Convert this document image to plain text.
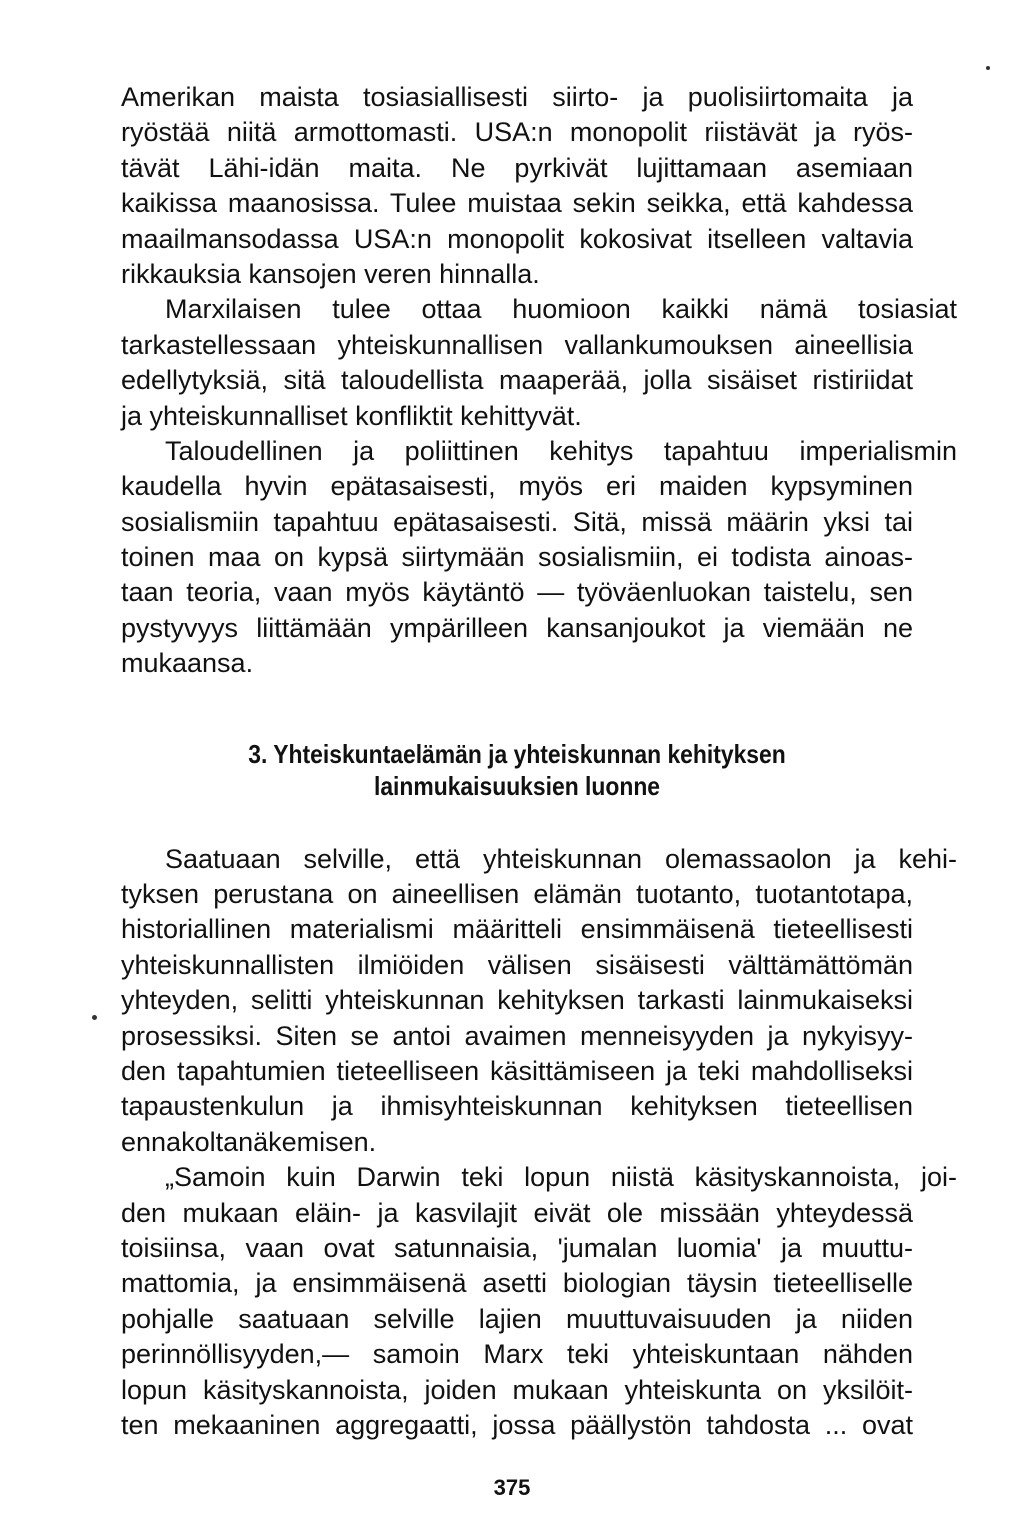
Amerikan maista tosiasiallisesti siirto- ja puolisiirtomaita ja
ryöstää niitä armottomasti. USA:n monopolit riistävät ja ryös-
tävät Lähi-idän maita. Ne pyrkivät lujittamaan asemiaan
kaikissa maanosissa. Tulee muistaa sekin seikka, että kahdessa
maailmansodassa USA:n monopolit kokosivat itselleen valtavia
rikkauksia kansojen veren hinnalla.
Marxilaisen tulee ottaa huomioon kaikki nämä tosiasiat
tarkastellessaan yhteiskunnallisen vallankumouksen aineellisia
edellytyksiä, sitä taloudellista maaperää, jolla sisäiset ristiriidat
ja yhteiskunnalliset konfliktit kehittyvät.
Taloudellinen ja poliittinen kehitys tapahtuu imperialismin
kaudella hyvin epätasaisesti, myös eri maiden kypsyminen
sosialismiin tapahtuu epätasaisesti. Sitä, missä määrin yksi tai
toinen maa on kypsä siirtymään sosialismiin, ei todista ainoas-
taan teoria, vaan myös käytäntö — työväenluokan taistelu, sen
pystyvyys liittämään ympärilleen kansanjoukot ja viemään ne
mukaansa.
3. Yhteiskuntaelämän ja yhteiskunnan kehityksen
lainmukaisuuksien luonne
Saatuaan selville, että yhteiskunnan olemassaolon ja kehi-
tyksen perustana on aineellisen elämän tuotanto, tuotantotapa,
historiallinen materialismi määritteli ensimmäisenä tieteellisesti
yhteiskunnallisten ilmiöiden välisen sisäisesti välttämättömän
yhteyden, selitti yhteiskunnan kehityksen tarkasti lainmukaiseksi
prosessiksi. Siten se antoi avaimen menneisyyden ja nykyisyy-
den tapahtumien tieteelliseen käsittämiseen ja teki mahdolliseksi
tapaustenkulun ja ihmisyhteiskunnan kehityksen tieteellisen
ennakoltanäkemisen.
„Samoin kuin Darwin teki lopun niistä käsityskannoista, joi-
den mukaan eläin- ja kasvilajit eivät ole missään yhteydessä
toisiinsa, vaan ovat satunnaisia, 'jumalan luomia' ja muuttu-
mattomia, ja ensimmäisenä asetti biologian täysin tieteelliselle
pohjalle saatuaan selville lajien muuttuvaisuuden ja niiden
perinnöllisyyden,— samoin Marx teki yhteiskuntaan nähden
lopun käsityskannoista, joiden mukaan yhteiskunta on yksilöit-
ten mekaaninen aggregaatti, jossa päällystön tahdosta ... ovat
375
